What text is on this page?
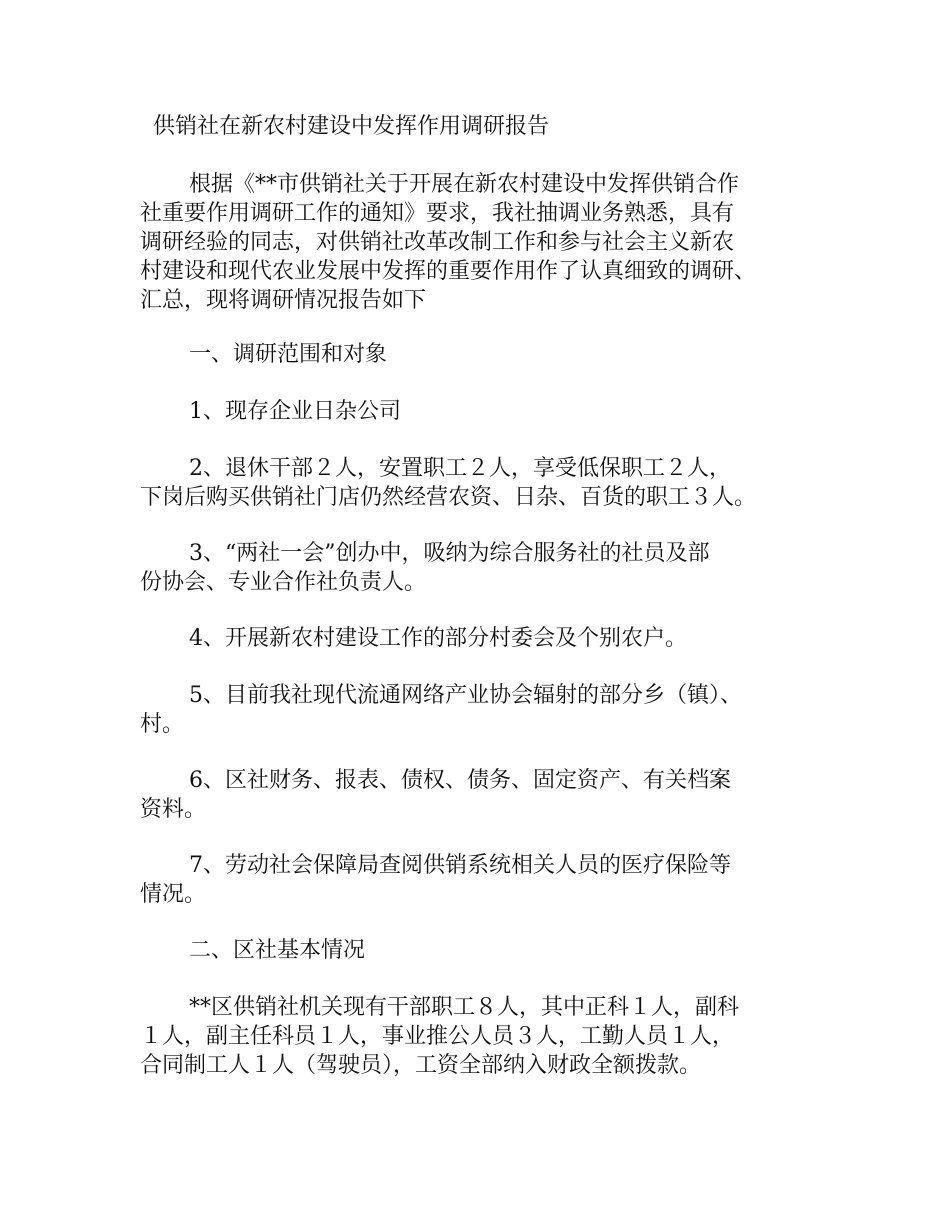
供销社在新农村建设中发挥作用调研报告
根据《**市供销社关于开展在新农村建设中发挥供销合作
社重要作用调研工作的通知》要求，我社抽调业务熟悉，具有
调研经验的同志，对供销社改革改制工作和参与社会主义新农
村建设和现代农业发展中发挥的重要作用作了认真细致的调研、
汇总，现将调研情况报告如下
一、调研范围和对象
1、现存企业日杂公司
2、退休干部２人，安置职工２人，享受低保职工２人，
下岗后购买供销社门店仍然经营农资、日杂、百货的职工３人。
3、“两社一会”创办中，吸纳为综合服务社的社员及部
份协会、专业合作社负责人。
4、开展新农村建设工作的部分村委会及个别农户。
5、目前我社现代流通网络产业协会辐射的部分乡（镇）、
村。
6、区社财务、报表、债权、债务、固定资产、有关档案
资料。
7、劳动社会保障局查阅供销系统相关人员的医疗保险等
情况。
二、区社基本情况
**区供销社机关现有干部职工８人，其中正科１人，副科
１人，副主任科员１人，事业推公人员３人，工勤人员１人，
合同制工人１人（驾驶员），工资全部纳入财政全额拨款。
